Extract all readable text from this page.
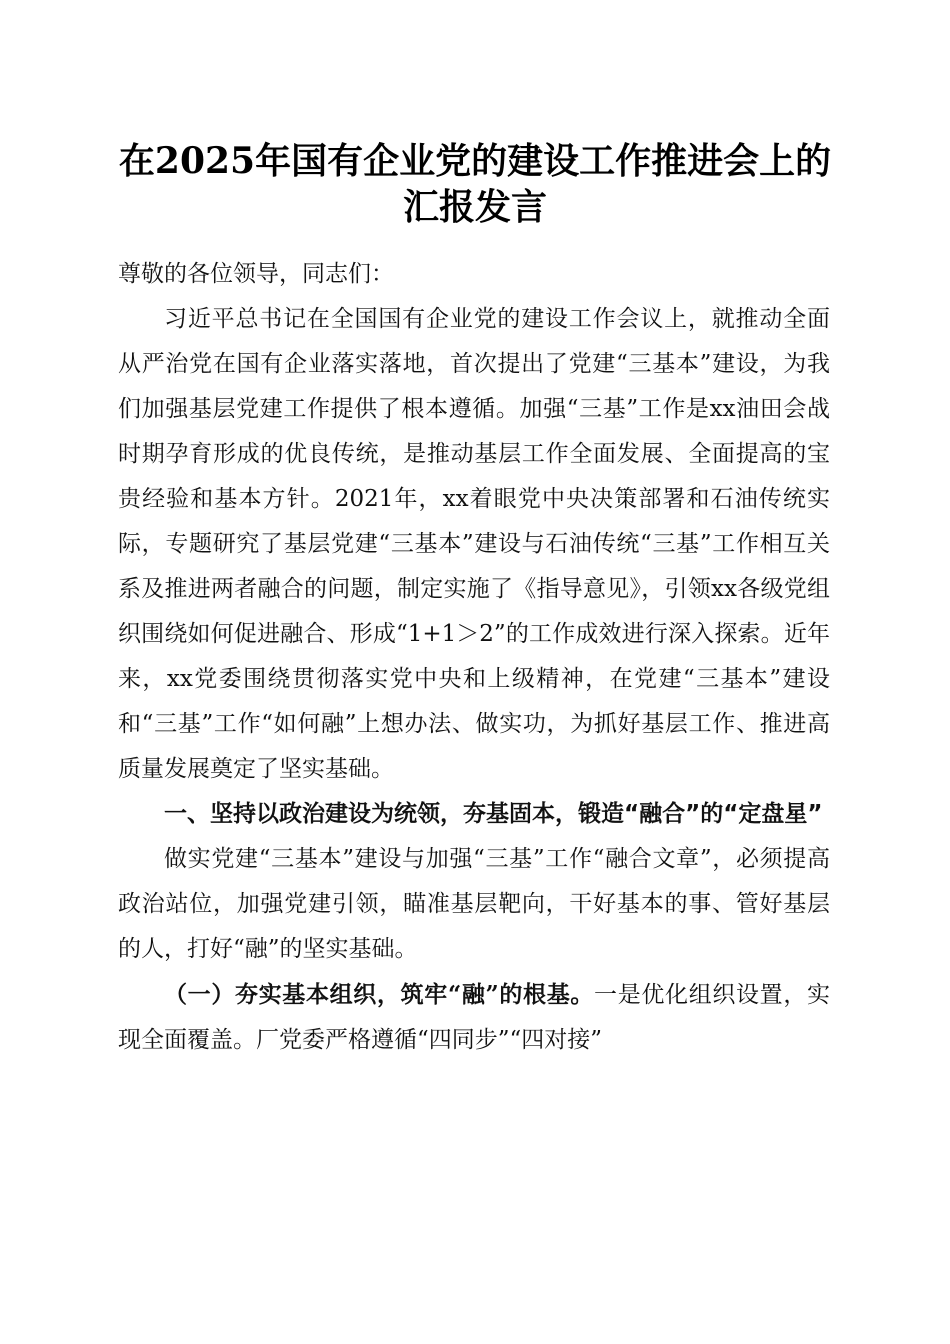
在2025年国有企业党的建设工作推进会上的
汇报发言

尊敬的各位领导，同志们：

习近平总书记在全国国有企业党的建设工作会议上，就推动全面从严治党在国有企业落实落地，首次提出了党建“三基本”建设，为我们加强基层党建工作提供了根本遵循。加强“三基”工作是xx油田会战时期孕育形成的优良传统，是推动基层工作全面发展、全面提高的宝贵经验和基本方针。2021年，xx着眼党中央决策部署和石油传统实际，专题研究了基层党建“三基本”建设与石油传统“三基”工作相互关系及推进两者融合的问题，制定实施了《指导意见》，引领xx各级党组织围绕如何促进融合、形成“1+1＞2”的工作成效进行深入探索。近年来，xx党委围绕贯彻落实党中央和上级精神，在党建“三基本”建设和“三基”工作“如何融”上想办法、做实功，为抓好基层工作、推进高质量发展奠定了坚实基础。

一、坚持以政治建设为统领，夯基固本，锻造“融合”的“定盘星”

做实党建“三基本”建设与加强“三基”工作“融合文章”，必须提高政治站位，加强党建引领，瞄准基层靶向，干好基本的事、管好基层的人，打好“融”的坚实基础。

（一）夯实基本组织，筑牢“融”的根基。一是优化组织设置，实现全面覆盖。厂党委严格遵循“四同步”“四对接”
